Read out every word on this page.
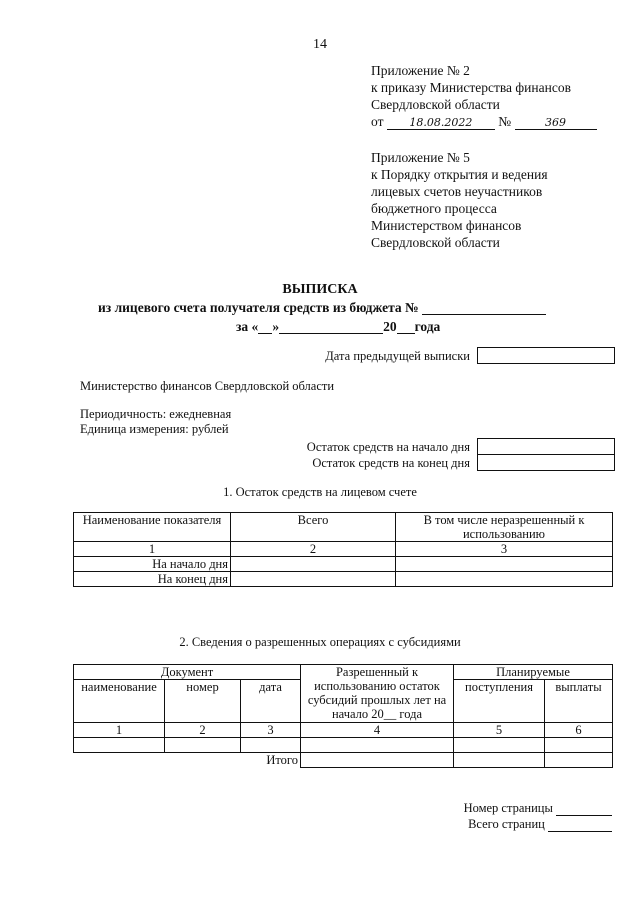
14
Приложение № 2
к приказу Министерства финансов
Свердловской области
от 18.08.2022 №	369
Приложение № 5
к Порядку открытия и ведения
лицевых счетов неучастников
бюджетного процесса
Министерством финансов
Свердловской области
ВЫПИСКА
из лицевого счета получателя средств из бюджета №
за « »	20 года
Дата предыдущей выписки
Министерство финансов Свердловской области
Периодичность: ежедневная
Единица измерения: рублей
Остаток средств на начало дня
Остаток средств на конец дня
1. Остаток средств на лицевом счете
Наименование показателя	Всего	В том числе неразрешенный к использованию
1	2	3
На начало дня		
На конец дня		
2. Сведения о разрешенных операциях с субсидиями
Документ			Разрешенный к использованию остаток субсидий прошлых лет на начало 20__ года	Планируемые	
наименование	номер	дата		поступления	выплаты
1	2	3	4	5	6

Итого					
Номер страницы
Всего страниц
